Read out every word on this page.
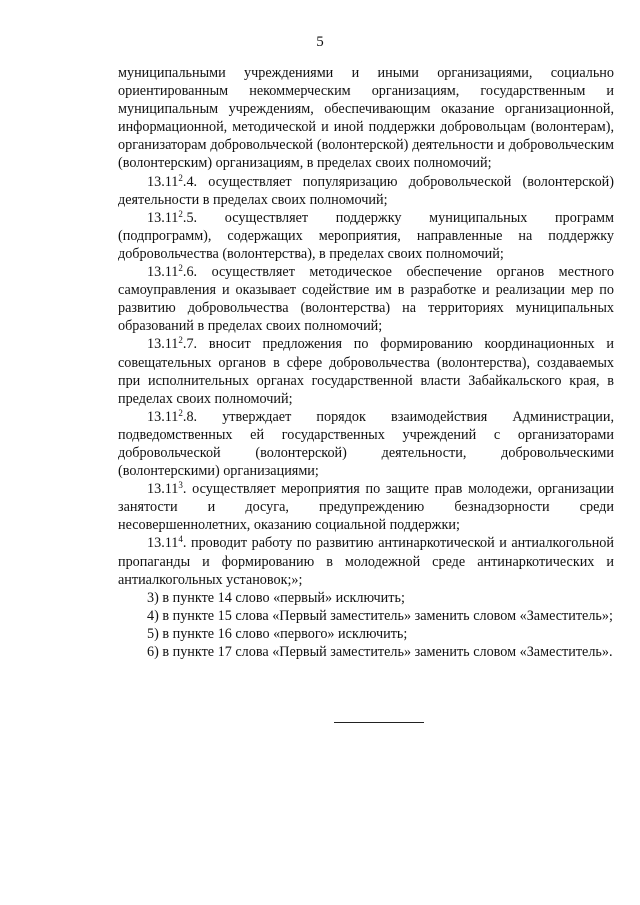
5

муниципальными учреждениями и иными организациями, социально ориентированным некоммерческим организациям, государственным и муниципальным учреждениям, обеспечивающим оказание организационной, информационной, методической и иной поддержки добровольцам (волонтерам), организаторам добровольческой (волонтерской) деятельности и добровольческим (волонтерским) организациям, в пределах своих полномочий;

13.11$^2$.4. осуществляет популяризацию добровольческой (волонтерской) деятельности в пределах своих полномочий;

13.11$^2$.5. осуществляет поддержку муниципальных программ (подпрограмм), содержащих мероприятия, направленные на поддержку добровольчества (волонтерства), в пределах своих полномочий;

13.11$^2$.6. осуществляет методическое обеспечение органов местного самоуправления и оказывает содействие им в разработке и реализации мер по развитию добровольчества (волонтерства) на территориях муниципальных образований в пределах своих полномочий;

13.11$^2$.7. вносит предложения по формированию координационных и совещательных органов в сфере добровольчества (волонтерства), создаваемых при исполнительных органах государственной власти Забайкальского края, в пределах своих полномочий;

13.11$^2$.8. утверждает порядок взаимодействия Администрации, подведомственных ей государственных учреждений с организаторами добровольческой (волонтерской) деятельности, добровольческими (волонтерскими) организациями;

13.11$^3$. осуществляет мероприятия по защите прав молодежи, организации занятости и досуга, предупреждению безнадзорности среди несовершеннолетних, оказанию социальной поддержки;

13.11$^4$. проводит работу по развитию антинаркотической и антиалкогольной пропаганды и формированию в молодежной среде антинаркотических и антиалкогольных установок;»;

3) в пункте 14 слово «первый» исключить;

4) в пункте 15 слова «Первый заместитель» заменить словом «Заместитель»;

5) в пункте 16 слово «первого» исключить;

6) в пункте 17 слова «Первый заместитель» заменить словом «Заместитель».
